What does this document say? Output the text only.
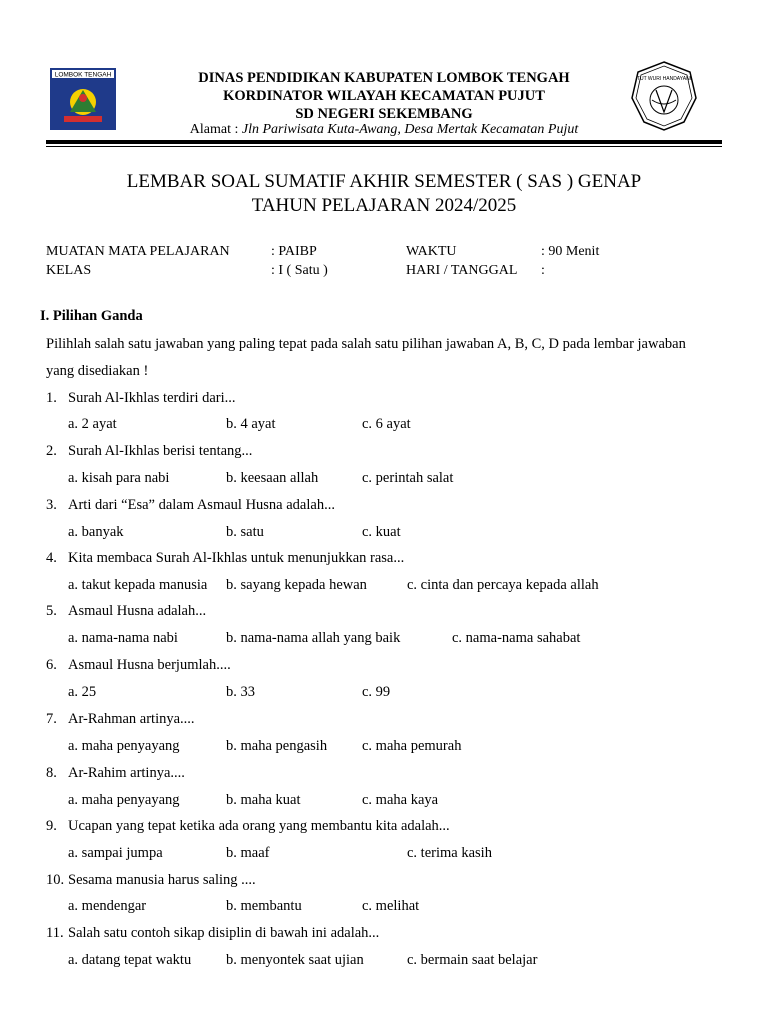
LOMBOK TENGAH	DINAS PENDIDIKAN KABUPATEN LOMBOK TENGAH
KORDINATOR WILAYAH KECAMATAN PUJUT
SD NEGERI SEKEMBANG
Alamat : Jln Pariwisata Kuta-Awang, Desa Mertak Kecamatan Pujut
TUT WURI HANDAYANI
LEMBAR SOAL SUMATIF AKHIR SEMESTER ( SAS ) GENAP
TAHUN PELAJARAN 2024/2025
MUATAN MATA PELAJARAN	: PAIBP	WAKTU	: 90 Menit
KELAS	: I ( Satu )	HARI / TANGGAL :
I. Pilihan Ganda
Pilihlah salah satu jawaban yang paling tepat pada salah satu pilihan jawaban A, B, C, D pada lembar jawaban
yang disediakan !
1. Surah Al-Ikhlas terdiri dari...
a. 2 ayat	b. 4 ayat	c. 6 ayat
2. Surah Al-Ikhlas berisi tentang...
a. kisah para nabi	b. keesaan allah	c. perintah salat
3. Arti dari “Esa” dalam Asmaul Husna adalah...
a. banyak	b. satu	c. kuat
4. Kita membaca Surah Al-Ikhlas untuk menunjukkan rasa...
a. takut kepada manusia b. sayang kepada hewan	c. cinta dan percaya kepada allah
5. Asmaul Husna adalah...
a. nama-nama nabi	b. nama-nama allah yang baik	c. nama-nama sahabat
6. Asmaul Husna berjumlah....
a. 25	b. 33	c. 99
7. Ar-Rahman artinya....
a. maha penyayang	b. maha pengasih c. maha pemurah
8. Ar-Rahim artinya....
a. maha penyayang	b. maha kuat	c. maha kaya
9. Ucapan yang tepat ketika ada orang yang membantu kita adalah...
a. sampai jumpa	b. maaf	c. terima kasih
10. Sesama manusia harus saling ....
a. mendengar	b. membantu	c. melihat
11. Salah satu contoh sikap disiplin di bawah ini adalah...
a. datang tepat waktu b. menyontek saat ujian	c. bermain saat belajar
